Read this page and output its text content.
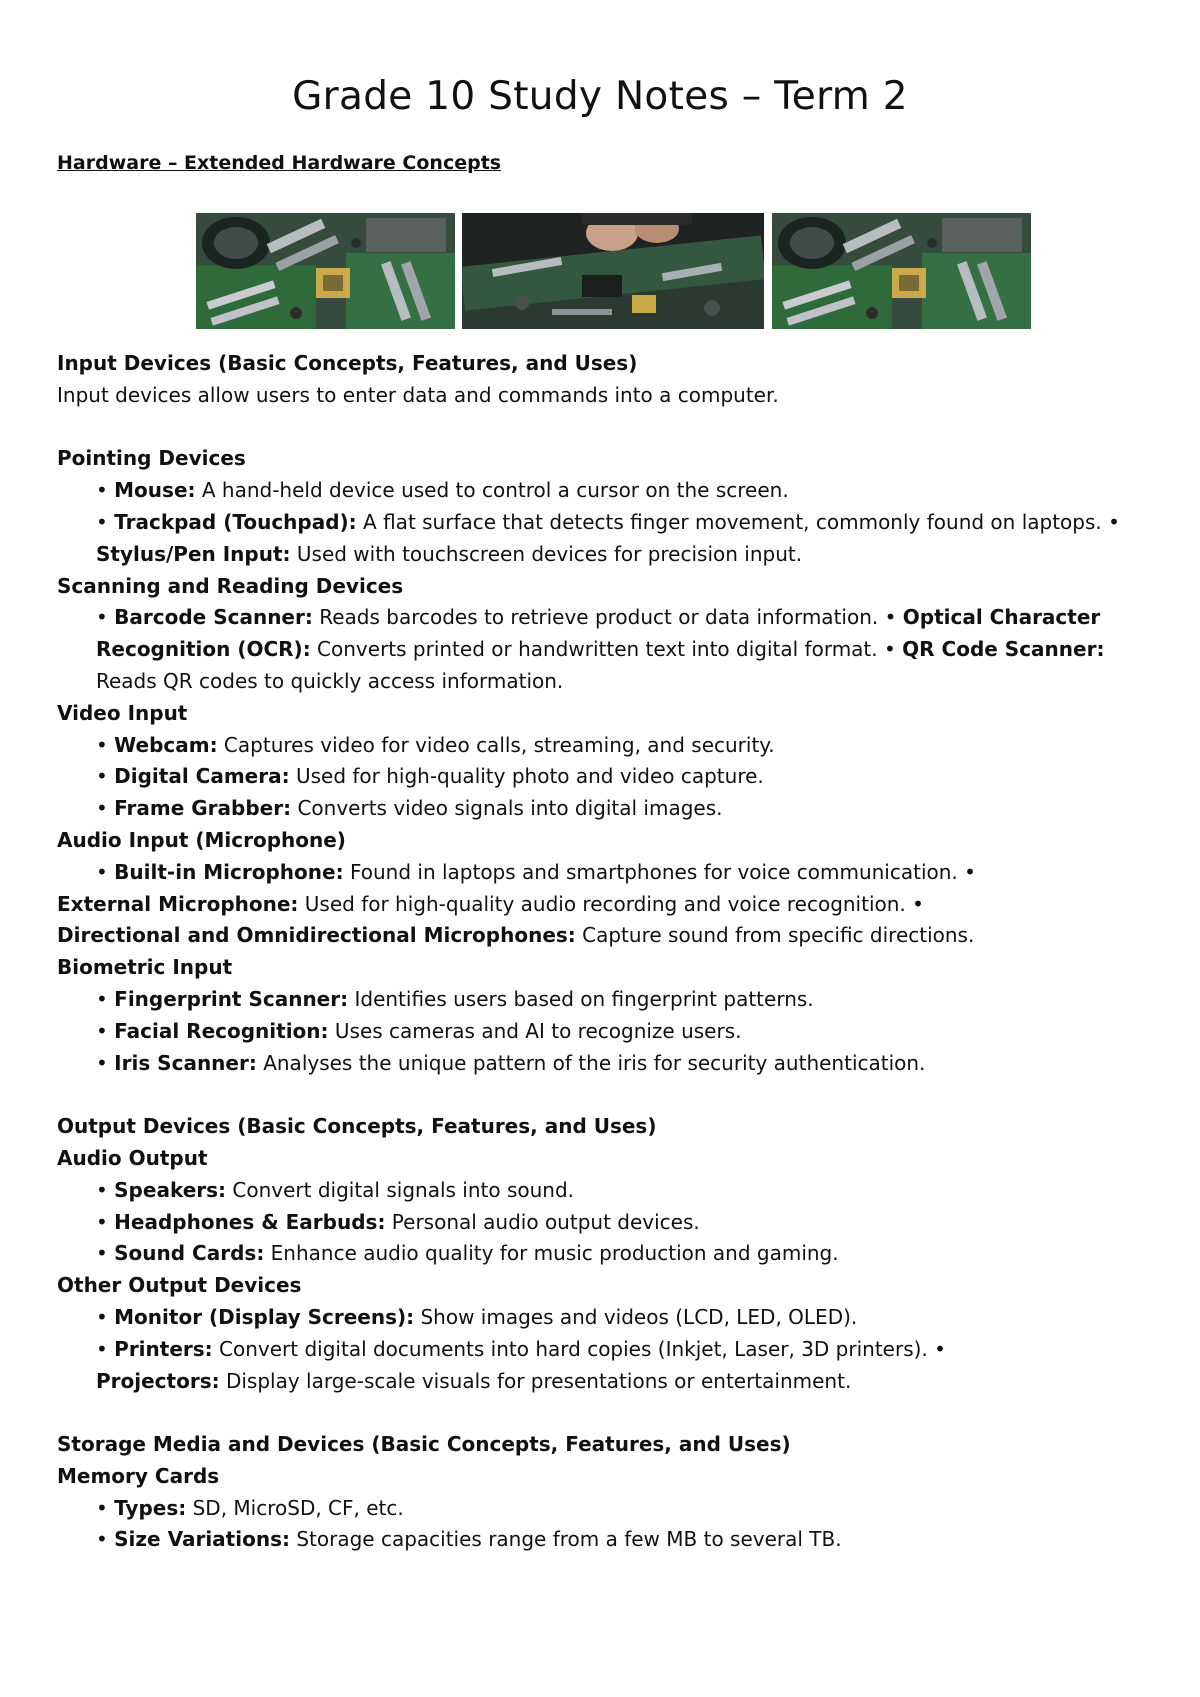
Grade 10 Study Notes – Term 2
Hardware – Extended Hardware Concepts
Input Devices (Basic Concepts, Features, and Uses)
Input devices allow users to enter data and commands into a computer.
Pointing Devices
• Mouse: A hand-held device used to control a cursor on the screen.
• Trackpad (Touchpad): A flat surface that detects finger movement, commonly found on laptops. •
Stylus/Pen Input: Used with touchscreen devices for precision input.
Scanning and Reading Devices
• Barcode Scanner: Reads barcodes to retrieve product or data information. • Optical Character
Recognition (OCR): Converts printed or handwritten text into digital format. • QR Code Scanner:
Reads QR codes to quickly access information.
Video Input
• Webcam: Captures video for video calls, streaming, and security.
• Digital Camera: Used for high-quality photo and video capture.
• Frame Grabber: Converts video signals into digital images.
Audio Input (Microphone)
• Built-in Microphone: Found in laptops and smartphones for voice communication. •
External Microphone: Used for high-quality audio recording and voice recognition. •
Directional and Omnidirectional Microphones: Capture sound from specific directions.
Biometric Input
• Fingerprint Scanner: Identifies users based on fingerprint patterns.
• Facial Recognition: Uses cameras and AI to recognize users.
• Iris Scanner: Analyses the unique pattern of the iris for security authentication.
Output Devices (Basic Concepts, Features, and Uses)
Audio Output
• Speakers: Convert digital signals into sound.
• Headphones & Earbuds: Personal audio output devices.
• Sound Cards: Enhance audio quality for music production and gaming.
Other Output Devices
• Monitor (Display Screens): Show images and videos (LCD, LED, OLED).
• Printers: Convert digital documents into hard copies (Inkjet, Laser, 3D printers). •
Projectors: Display large-scale visuals for presentations or entertainment.
Storage Media and Devices (Basic Concepts, Features, and Uses)
Memory Cards
• Types: SD, MicroSD, CF, etc.
• Size Variations: Storage capacities range from a few MB to several TB.
